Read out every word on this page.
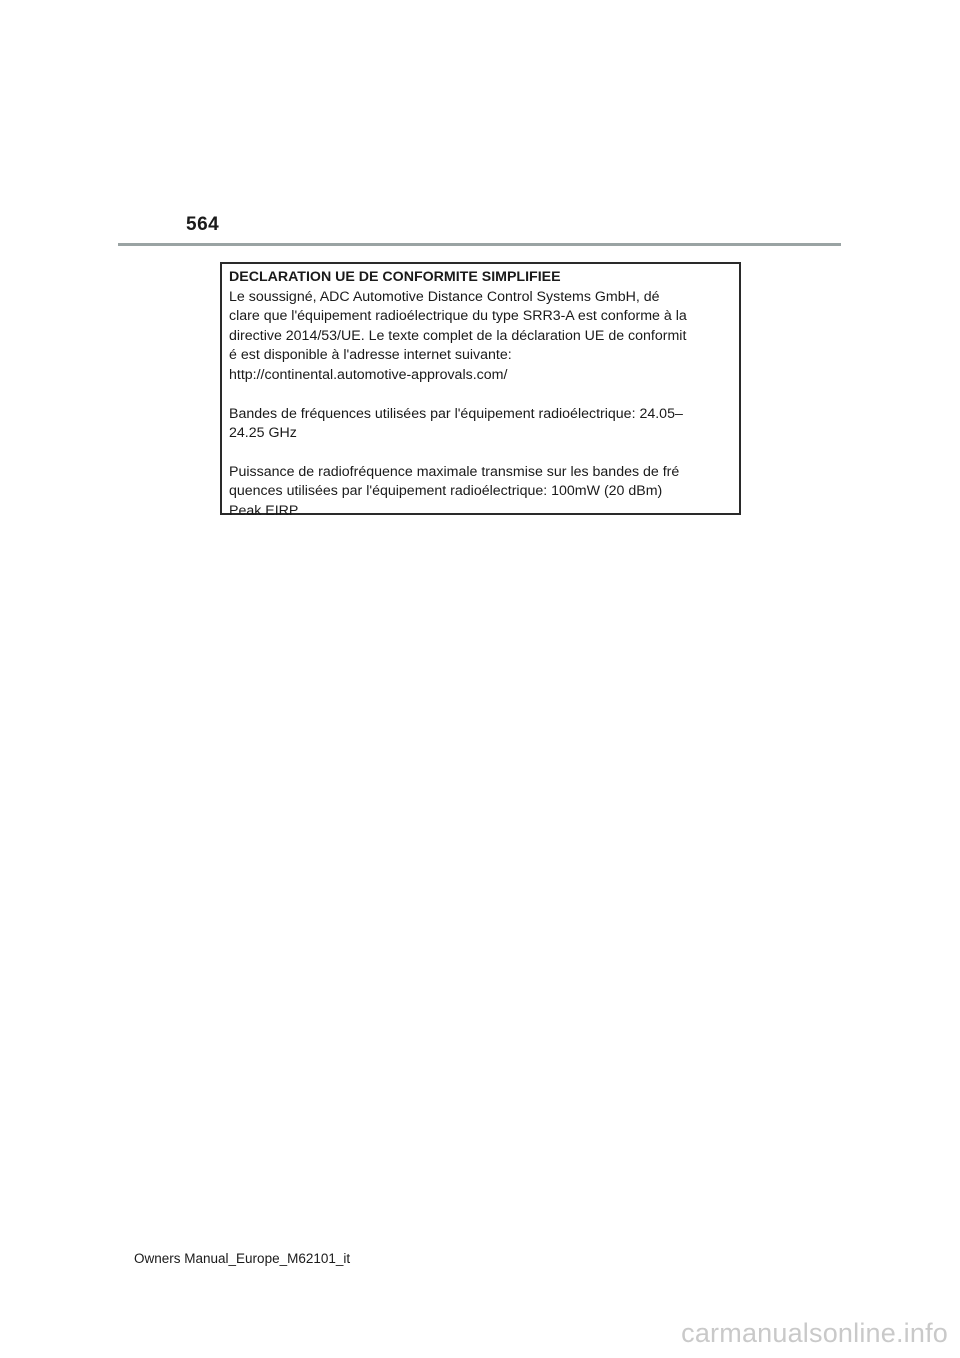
564

DECLARATION UE DE CONFORMITE SIMPLIFIEE

Le soussigné, ADC Automotive Distance Control Systems GmbH, dé

clare que l'équipement radioélectrique du type SRR3-A est conforme à la

directive 2014/53/UE. Le texte complet de la déclaration UE de conformit

é est disponible à l'adresse internet suivante:

http://continental.automotive-approvals.com/

Bandes de fréquences utilisées par l'équipement radioélectrique: 24.05–

24.25 GHz

Puissance de radiofréquence maximale transmise sur les bandes de fré

quences utilisées par l'équipement radioélectrique: 100mW (20 dBm)

Peak EIRP

Owners Manual_Europe_M62101_it
carmanualsonline.info
